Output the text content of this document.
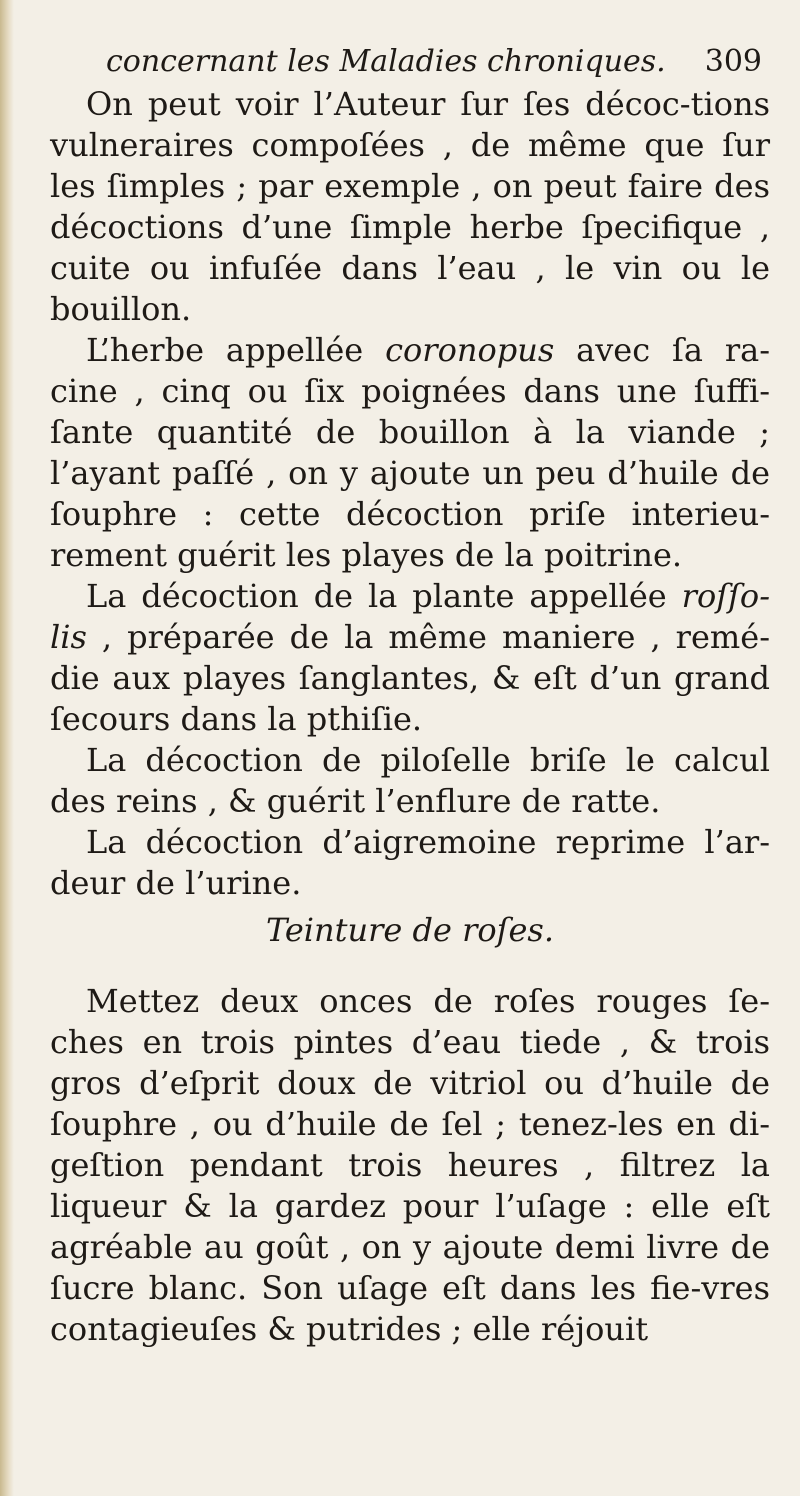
concernant les Maladies chroniques. 309

On peut voir l’Auteur ſur ſes décoc-tions vulneraires compoſées , de même que ſur les ſimples ; par exemple , on peut faire des décoctions d’une ſimple herbe ſpecifique , cuite ou infuſée dans l’eau , le vin ou le bouillon.

L’herbe appellée coronopus avec ſa ra-cine , cinq ou ſix poignées dans une ſuffi-ſante quantité de bouillon à la viande ; l’ayant paſſé , on y ajoute un peu d’huile de ſouphre : cette décoction priſe interieu-rement guérit les playes de la poitrine.

La décoction de la plante appellée roſſo-lis , préparée de la même maniere , remé-die aux playes ſanglantes, & eſt d’un grand ſecours dans la pthiſie.

La décoction de piloſelle briſe le calcul des reins , & guérit l’enflure de ratte.

La décoction d’aigremoine reprime l’ar-deur de l’urine.

Teinture de roſes.

Mettez deux onces de roſes rouges ſe-ches en trois pintes d’eau tiede , & trois gros d’eſprit doux de vitriol ou d’huile de ſouphre , ou d’huile de ſel ; tenez-les en di-geſtion pendant trois heures , filtrez la liqueur & la gardez pour l’uſage : elle eſt agréable au goût , on y ajoute demi livre de ſucre blanc. Son uſage eſt dans les fie-vres contagieuſes & putrides ; elle réjouit
